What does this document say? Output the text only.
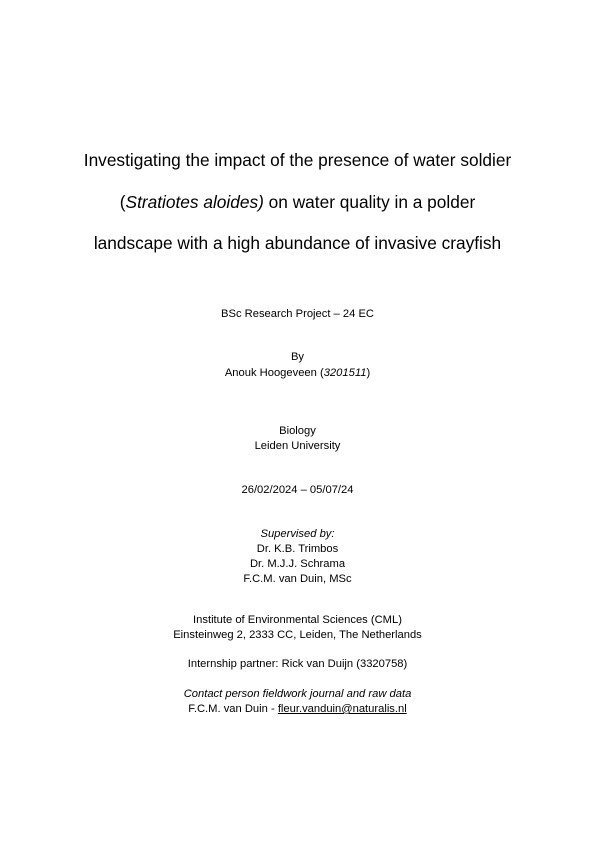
Investigating the impact of the presence of water soldier
(Stratiotes aloides) on water quality in a polder
landscape with a high abundance of invasive crayfish
BSc Research Project – 24 EC
By
Anouk Hoogeveen (3201511)
Biology
Leiden University
26/02/2024 – 05/07/24
Supervised by:
Dr. K.B. Trimbos
Dr. M.J.J. Schrama
F.C.M. van Duin, MSc
Institute of Environmental Sciences (CML)
Einsteinweg 2, 2333 CC, Leiden, The Netherlands
Internship partner: Rick van Duijn (3320758)
Contact person fieldwork journal and raw data
F.C.M. van Duin - fleur.vanduin@naturalis.nl
